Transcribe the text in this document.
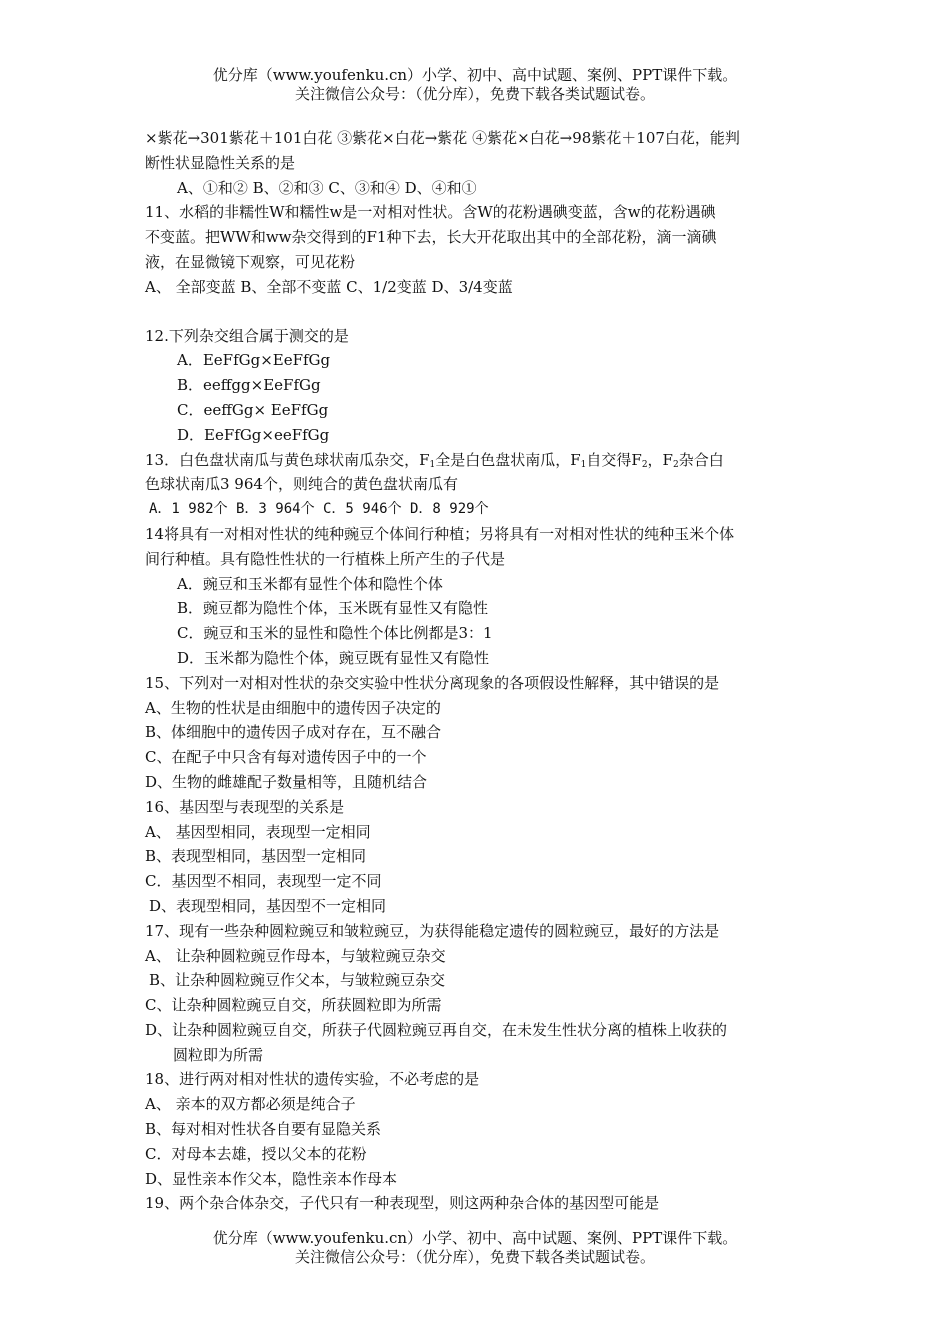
优分库（www.youfenku.cn）小学、初中、高中试题、案例、PPT课件下载。
关注微信公众号：（优分库），免费下载各类试题试卷。
×紫花→301紫花＋101白花 ③紫花×白花→紫花 ④紫花×白花→98紫花＋107白花，能判
断性状显隐性关系的是
A、①和② B、②和③ C、③和④ D、④和①
11、水稻的非糯性W和糯性w是一对相对性状。含W的花粉遇碘变蓝，含w的花粉遇碘
不变蓝。把WW和ww杂交得到的F1种下去，长大开花取出其中的全部花粉，滴一滴碘
液，在显微镜下观察，可见花粉
A、 全部变蓝 B、全部不变蓝 C、1/2变蓝 D、3/4变蓝
12.下列杂交组合属于测交的是
A．EeFfGg×EeFfGg
B．eeffgg×EeFfGg
C．eeffGg× EeFfGg
D．EeFfGg×eeFfGg
13．白色盘状南瓜与黄色球状南瓜杂交，$F_1$全是白色盘状南瓜，$F_1$自交得$F_2$，$F_2$杂合白
色球状南瓜3 964个，则纯合的黄色盘状南瓜有
A．1 982个 B．3 964个 C．5 946个 D．8 929个
14将具有一对相对性状的纯种豌豆个体间行种植；另将具有一对相对性状的纯种玉米个体
间行种植。具有隐性性状的一行植株上所产生的子代是
A．豌豆和玉米都有显性个体和隐性个体
B．豌豆都为隐性个体，玉米既有显性又有隐性
C．豌豆和玉米的显性和隐性个体比例都是3：1
D．玉米都为隐性个体，豌豆既有显性又有隐性
15、下列对一对相对性状的杂交实验中性状分离现象的各项假设性解释，其中错误的是
A、生物的性状是由细胞中的遗传因子决定的
B、体细胞中的遗传因子成对存在，互不融合
C、在配子中只含有每对遗传因子中的一个
D、生物的雌雄配子数量相等，且随机结合
16、基因型与表现型的关系是
A、 基因型相同，表现型一定相同
B、表现型相同，基因型一定相同
C．基因型不相同，表现型一定不同
D、表现型相同，基因型不一定相同
17、现有一些杂种圆粒豌豆和皱粒豌豆，为获得能稳定遗传的圆粒豌豆，最好的方法是
A、 让杂种圆粒豌豆作母本，与皱粒豌豆杂交
B、让杂种圆粒豌豆作父本，与皱粒豌豆杂交
C、让杂种圆粒豌豆自交，所获圆粒即为所需
D、让杂种圆粒豌豆自交，所获子代圆粒豌豆再自交，在未发生性状分离的植株上收获的
圆粒即为所需
18、进行两对相对性状的遗传实验，不必考虑的是
A、 亲本的双方都必须是纯合子
B、每对相对性状各自要有显隐关系
C．对母本去雄，授以父本的花粉
D、显性亲本作父本，隐性亲本作母本
19、两个杂合体杂交，子代只有一种表现型，则这两种杂合体的基因型可能是
优分库（www.youfenku.cn）小学、初中、高中试题、案例、PPT课件下载。
关注微信公众号：（优分库），免费下载各类试题试卷。
